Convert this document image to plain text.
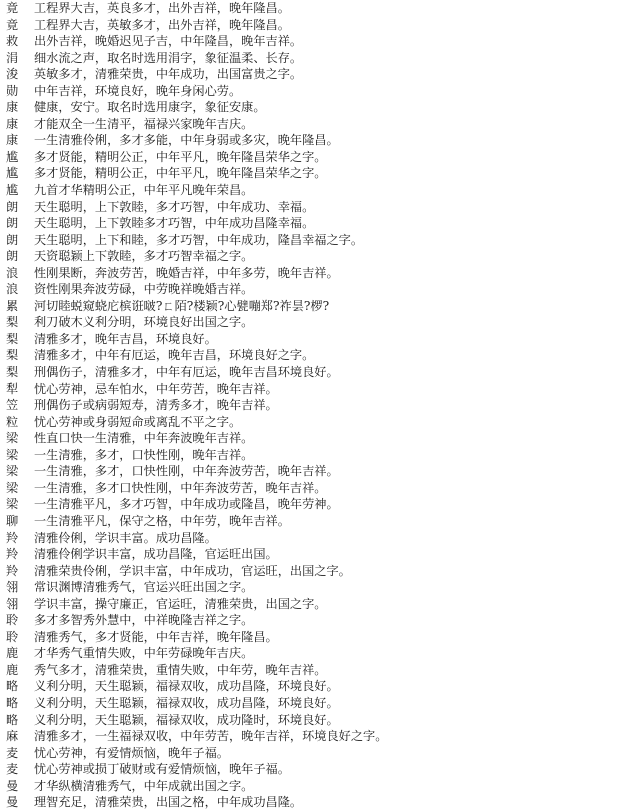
竟 工程界大吉，英良多才，出外吉祥，晚年隆昌。
竟 工程界大吉，英敏多才，出外吉祥，晚年隆昌。
救 出外吉祥，晚婚迟见子吉，中年隆昌，晚年吉祥。
涓 细水流之声，取名时选用涓字，象征温柔、长存。
浚 英敏多才，清雅荣贵，中年成功，出国富贵之字。
勋 中年吉祥，环境良好，晚年身闲心劳。
康 健康，安宁。取名时选用康字，象征安康。
康 才能双全一生清平，福禄兴家晚年吉庆。
康 一生清雅伶俐，多才多能，中年身弱或多灾，晚年隆昌。
尴 多才贤能，精明公正，中年平凡，晚年隆昌荣华之字。
尴 多才贤能，精明公正，中年平凡，晚年隆昌荣华之字。
尴 九首才华精明公正，中年平凡晚年荣昌。
朗 天生聪明，上下敦睦，多才巧智，中年成功、幸福。
朗 天生聪明，上下敦睦多才巧智，中年成功昌隆幸福。
朗 天生聪明，上下和睦，多才巧智，中年成功，隆昌幸福之字。
朗 天资聪颖上下敦睦，多才巧智幸福之字。
浪 性刚果断，奔波劳苦，晚婚吉祥，中年多劳，晚年吉祥。
浪 资性刚果奔波劳碌，中劳晚祥晚婚吉祥。
累 河切睦蜕窥蛲庀槟诳啵?ㄈ陌?楼颖?心甓嘣郑?祚昙?椤?
梨 利刀破木义利分明，环境良好出国之字。
梨 清雅多才，晚年吉昌，环境良好。
梨 清雅多才，中年有厄运，晚年吉昌，环境良好之字。
梨 刑偶伤子，清雅多才，中年有厄运，晚年吉昌环境良好。
犁 忧心劳神，忌车怕水，中年劳苦，晚年吉祥。
笠 刑偶伤子或病弱短寿，清秀多才，晚年吉祥。
粒 忧心劳神或身弱短命或离乱不平之字。
梁 性直口快一生清雅，中年奔波晚年吉祥。
梁 一生清雅，多才，口快性刚，晚年吉祥。
梁 一生清雅，多才，口快性刚，中年奔波劳苦，晚年吉祥。
梁 一生清雅，多才口快性刚，中年奔波劳苦，晚年吉祥。
梁 一生清雅平凡，多才巧智，中年成功或隆昌，晚年劳神。
聊 一生清雅平凡，保守之格，中年劳，晚年吉祥。
羚 清雅伶俐，学识丰富。成功昌隆。
羚 清雅伶俐学识丰富，成功昌隆，官运旺出国。
羚 清雅荣贵伶俐，学识丰富，中年成功，官运旺，出国之字。
翎 常识渊博清雅秀气，官运兴旺出国之字。
翎 学识丰富，操守廉正，官运旺，清雅荣贵，出国之字。
聆 多才多智秀外慧中，中祥晚隆吉祥之字。
聆 清雅秀气，多才贤能，中年吉祥，晚年隆昌。
鹿 才华秀气重情失败，中年劳碌晚年吉庆。
鹿 秀气多才，清雅荣贵，重情失败，中年劳，晚年吉祥。
略 义利分明，天生聪颖，福禄双收，成功昌隆，环境良好。
略 义利分明，天生聪颖，福禄双收，成功昌隆，环境良好。
略 义利分明，天生聪颖，福禄双收，成功隆时，环境良好。
麻 清雅多才，一生福禄双收，中年劳苦，晚年吉祥，环境良好之字。
麦 忧心劳神，有爱情烦恼，晚年子福。
麦 忧心劳神或损丁破财或有爱情烦恼，晚年子福。
曼 才华纵横清雅秀气，中年成就出国之字。
曼 理智充足，清雅荣贵，出国之格，中年成功昌隆。
